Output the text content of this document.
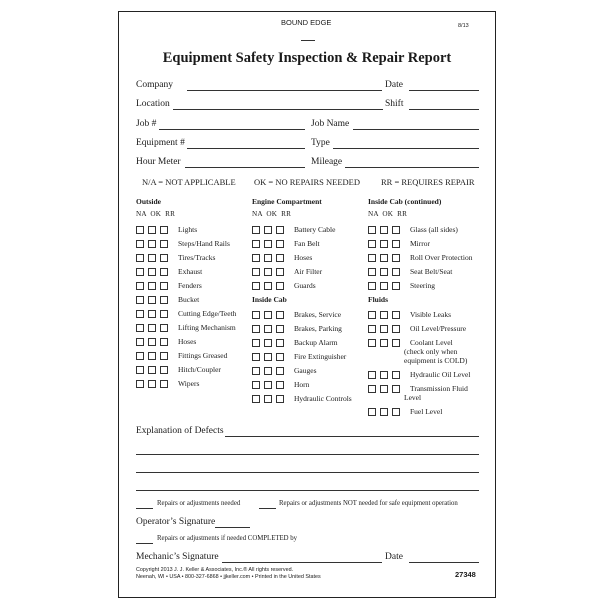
BOUND EDGE	8/13
Equipment Safety Inspection & Repair Report
Company	Date
Location	Shift
Job #	Job Name
Equipment #	Type
Hour Meter	Mileage
N/A = NOT APPLICABLE OK = NO REPAIRS NEEDED RR = REQUIRES REPAIR
Outside	Engine Compartment	Inside Cab (continued)
NA OK RR	NA OK RR	NA OK RR
Lights
Steps/Hand Rails
Tires/Tracks
Exhaust
Fenders
Bucket
Cutting Edge/Teeth
Lifting Mechanism
Hoses
Fittings Greased
Hitch/Coupler
Wipers
Battery Cable
Fan Belt
Hoses
Air Filter
Guards
Inside Cab
Brakes, Service
Brakes, Parking
Backup Alarm
Fire Extinguisher
Gauges
Horn
Hydraulic Controls
Glass (all sides)
Mirror
Roll Over Protection
Seat Belt/Seat
Steering
Fluids
Visible Leaks
Oil Level/Pressure
Coolant Level
(check only when
equipment is COLD)
Hydraulic Oil Level
Transmission Fluid
Level
Fuel Level
Explanation of Defects
Repairs or adjustments needed	Repairs or adjustments NOT needed for safe equipment operation
Operator’s Signature
Repairs or adjustments if needed COMPLETED by
Mechanic’s Signature	Date
Copyright 2013 J. J. Keller & Associates, Inc.® All rights reserved.
Neenah, WI • USA • 800-327-6868 • jjkeller.com • Printed in the United States	27348
